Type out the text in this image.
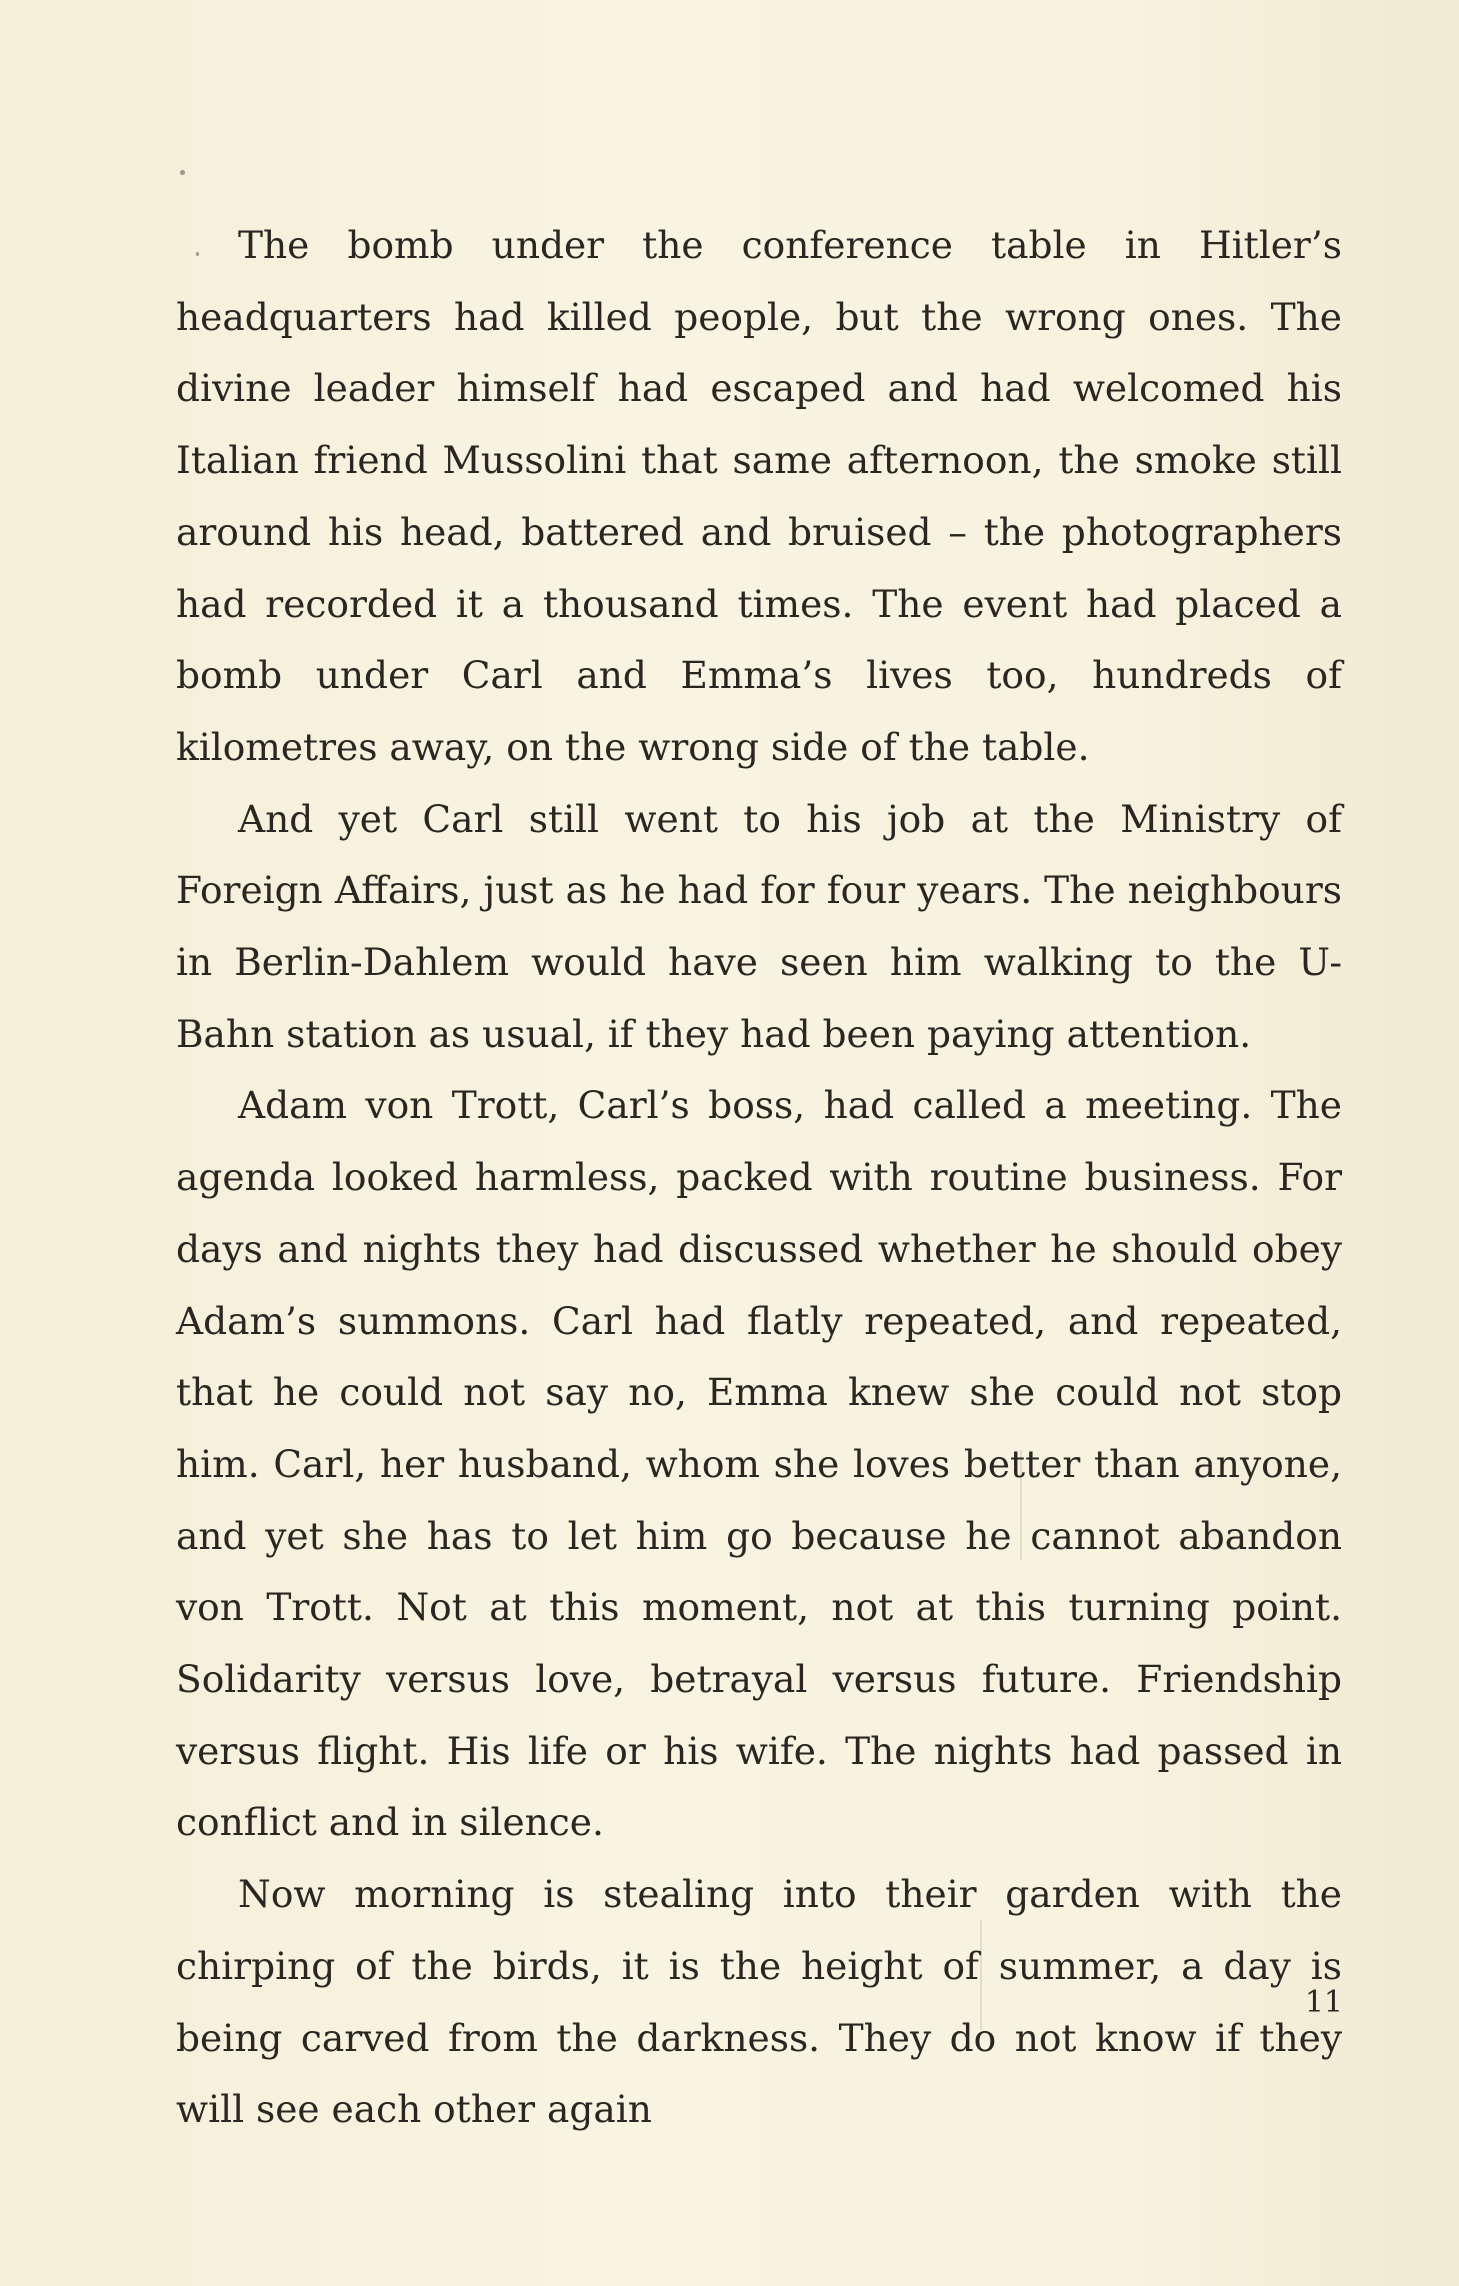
The bomb under the conference table in Hitler’s headquarters had killed people, but the wrong ones. The divine leader himself had escaped and had welcomed his Italian friend Mussolini that same afternoon, the smoke still around his head, battered and bruised – the photographers had recorded it a thousand times. The event had placed a bomb under Carl and Emma’s lives too, hundreds of kilometres away, on the wrong side of the table.

And yet Carl still went to his job at the Ministry of Foreign Affairs, just as he had for four years. The neighbours in Berlin-Dahlem would have seen him walking to the U-Bahn station as usual, if they had been paying attention.

Adam von Trott, Carl’s boss, had called a meeting. The agenda looked harmless, packed with routine business. For days and nights they had discussed whether he should obey Adam’s summons. Carl had flatly repeated, and repeated, that he could not say no, Emma knew she could not stop him. Carl, her husband, whom she loves better than anyone, and yet she has to let him go because he cannot abandon von Trott. Not at this moment, not at this turning point. Solidarity versus love, betrayal versus future. Friendship versus flight. His life or his wife. The nights had passed in conflict and in silence.

Now morning is stealing into their garden with the chirping of the birds, it is the height of summer, a day is being carved from the darkness. They do not know if they will see each other again

11
